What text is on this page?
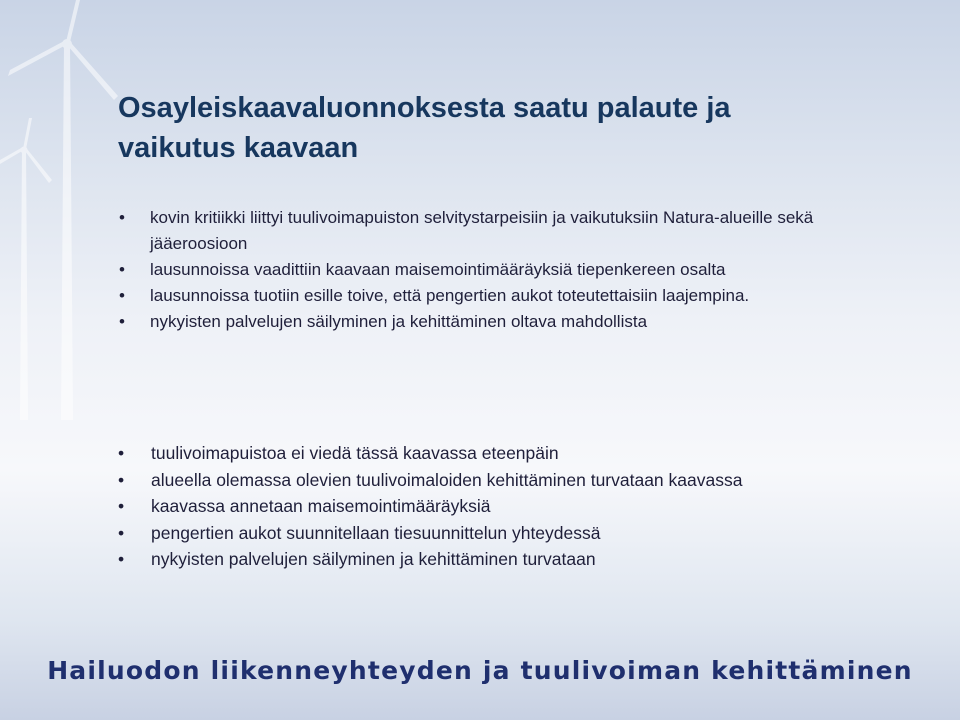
Osayleiskaavaluonnoksesta saatu palaute ja
vaikutus kaavaan
• kovin kritiikki liittyi tuulivoimapuiston selvitystarpeisiin ja vaikutuksiin Natura-alueille sekä jääeroosioon
• lausunnoissa vaadittiin kaavaan maisemointimääräyksiä tiepenkereen osalta
• lausunnoissa tuotiin esille toive, että pengertien aukot toteutettaisiin laajempina.
• nykyisten palvelujen säilyminen ja kehittäminen oltava mahdollista
• tuulivoimapuistoa ei viedä tässä kaavassa eteenpäin
• alueella olemassa olevien tuulivoimaloiden kehittäminen turvataan kaavassa
• kaavassa annetaan maisemointimääräyksiä
• pengertien aukot suunnitellaan tiesuunnittelun yhteydessä
• nykyisten palvelujen säilyminen ja kehittäminen turvataan

Hailuodon liikenneyhteyden ja tuulivoiman kehittäminen
